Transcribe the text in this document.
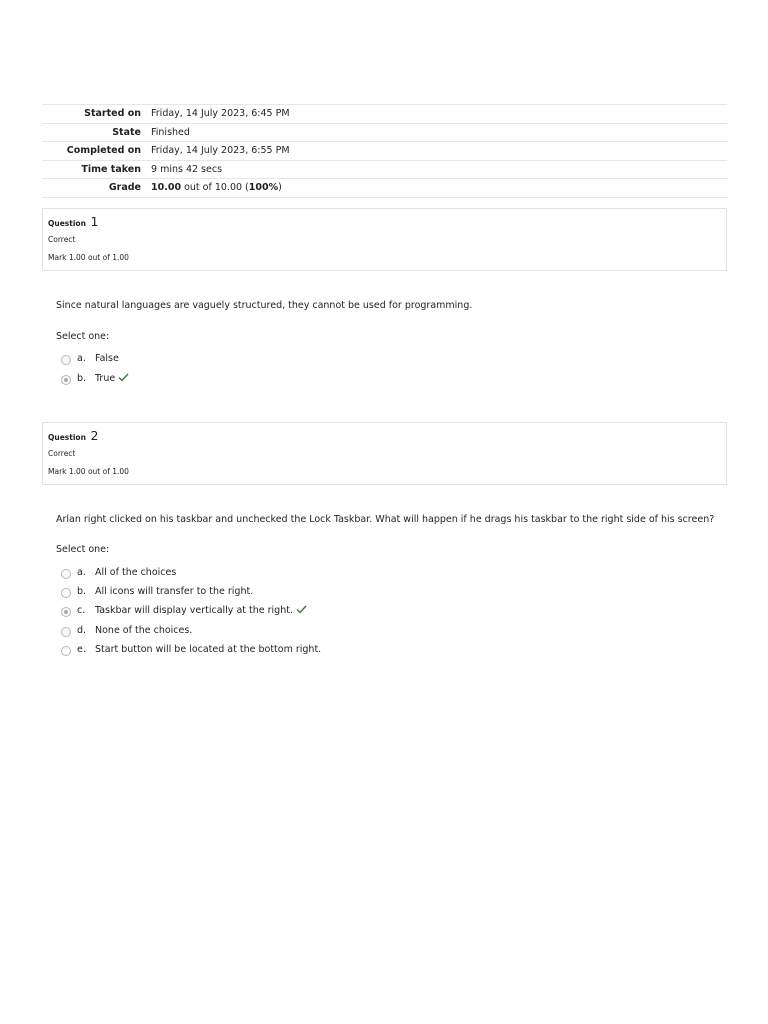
Started on	Friday, 14 July 2023, 6:45 PM
State	Finished
Completed on	Friday, 14 July 2023, 6:55 PM
Time taken	9 mins 42 secs
Grade	10.00 out of 10.00 (100%)
Question 1
Correct
Mark 1.00 out of 1.00
Since natural languages are vaguely structured, they cannot be used for programming.
Select one:
a. False
b. True
Question 2
Correct
Mark 1.00 out of 1.00
Arlan right clicked on his taskbar and unchecked the Lock Taskbar. What will happen if he drags his taskbar to the right side of his screen?
Select one:
a. All of the choices
b. All icons will transfer to the right.
c. Taskbar will display vertically at the right.
d. None of the choices.
e. Start button will be located at the bottom right.
